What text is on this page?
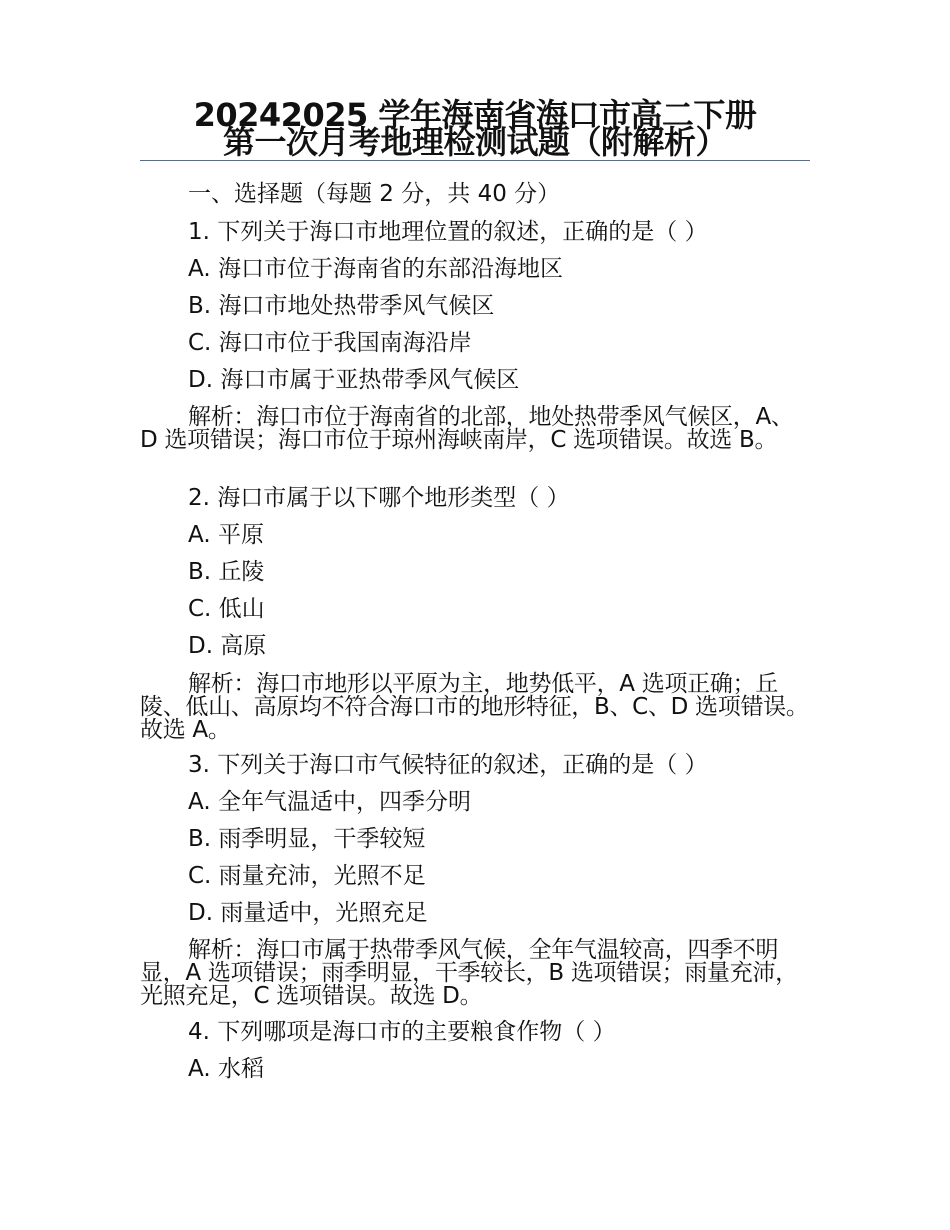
20242025 学年海南省海口市高二下册
第一次月考地理检测试题（附解析）
一、选择题（每题 2 分，共 40 分）
1. 下列关于海口市地理位置的叙述，正确的是（ ）
A. 海口市位于海南省的东部沿海地区
B. 海口市地处热带季风气候区
C. 海口市位于我国南海沿岸
D. 海口市属于亚热带季风气候区
解析：海口市位于海南省的北部，地处热带季风气候区，A、D 选项错误；海口市位于琼州海峡南岸，C 选项错误。故选 B。
2. 海口市属于以下哪个地形类型（ ）
A. 平原
B. 丘陵
C. 低山
D. 高原
解析：海口市地形以平原为主，地势低平，A 选项正确；丘陵、低山、高原均不符合海口市的地形特征，B、C、D 选项错误。故选 A。
3. 下列关于海口市气候特征的叙述，正确的是（ ）
A. 全年气温适中，四季分明
B. 雨季明显，干季较短
C. 雨量充沛，光照不足
D. 雨量适中，光照充足
解析：海口市属于热带季风气候，全年气温较高，四季不明显，A 选项错误；雨季明显，干季较长，B 选项错误；雨量充沛，光照充足，C 选项错误。故选 D。
4. 下列哪项是海口市的主要粮食作物（ ）
A. 水稻
